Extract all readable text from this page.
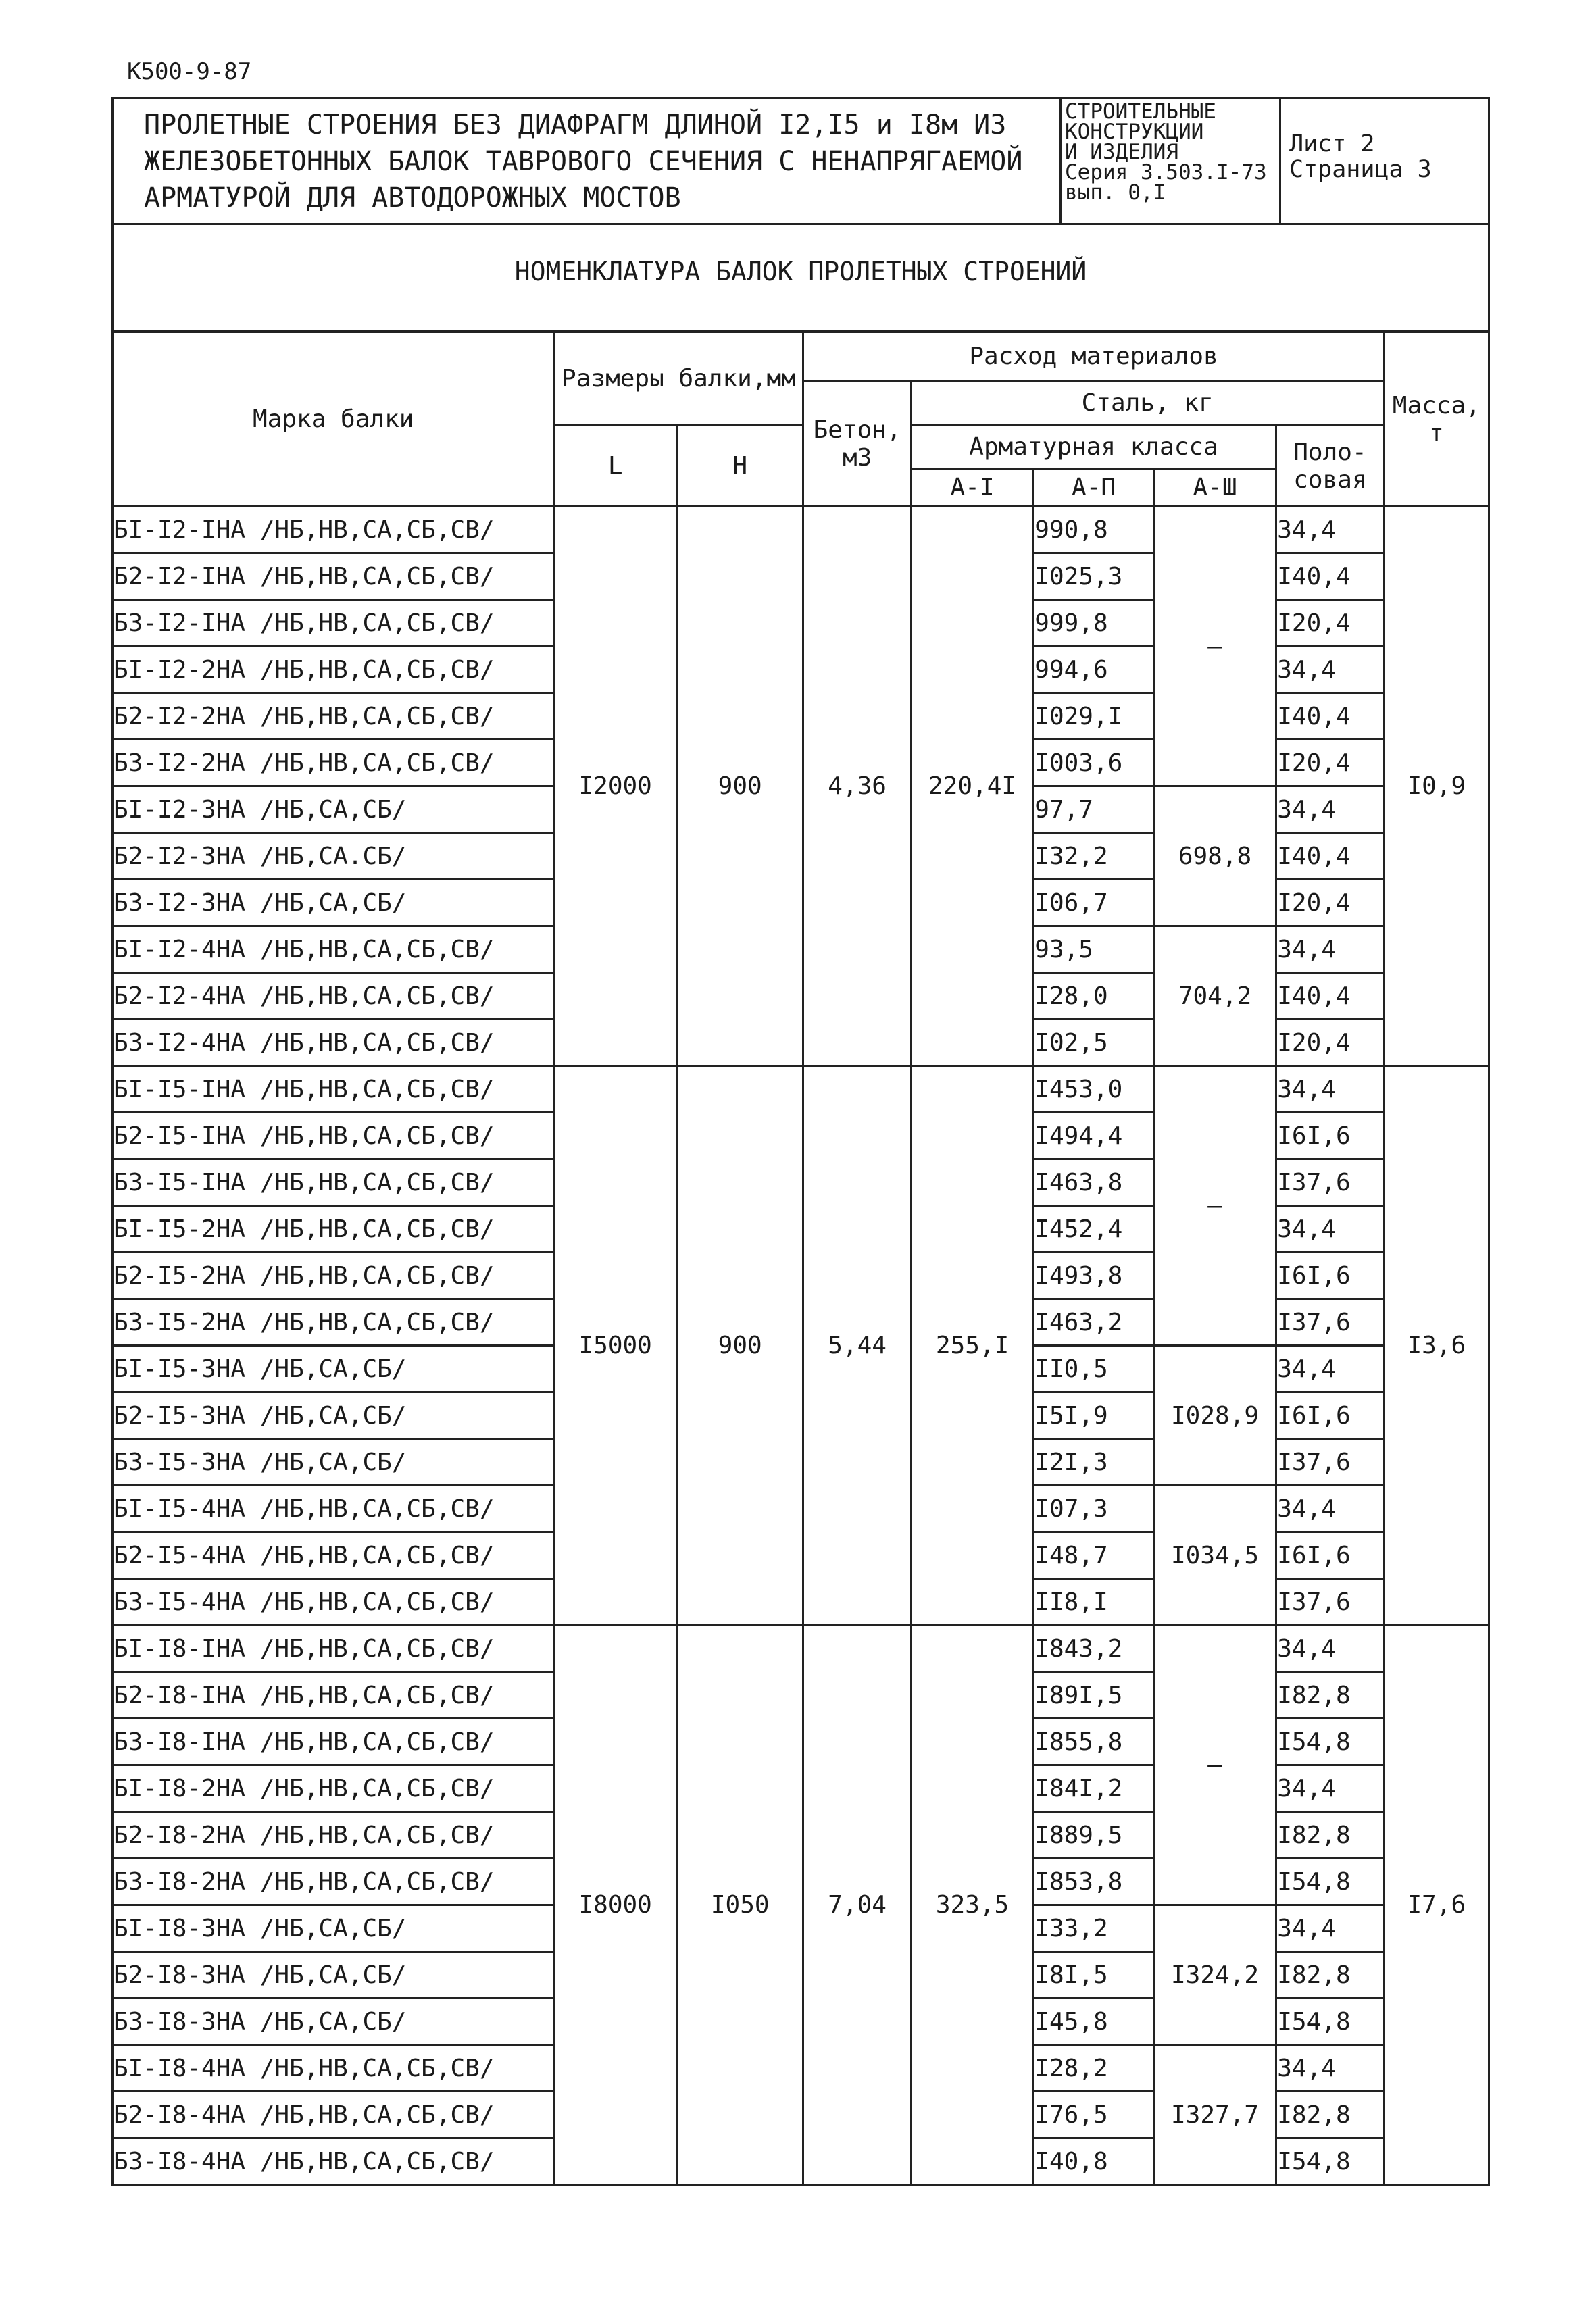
К500-9-87
ПРОЛЕТНЫЕ СТРОЕНИЯ БЕЗ ДИАФРАГМ ДЛИНОЙ I2,I5 и I8м ИЗ ЖЕЛЕЗОБЕТОННЫХ БАЛОК ТАВРОВОГО СЕЧЕНИЯ С НЕНАПРЯГАЕМОЙ АРМАТУРОЙ ДЛЯ АВТОДОРОЖНЫХ МОСТОВ
СТРОИТЕЛЬНЫЕ
КОНСТРУКЦИИ
И ИЗДЕЛИЯ
Серия 3.503.I-73
вып. 0,I
Лист 2
Страница 3
НОМЕНКЛАТУРА БАЛОК ПРОЛЕТНЫХ СТРОЕНИЙ
Марка балки	Размеры балки,мм		Расход материалов					Масса, т
			Бетон, м3	Сталь, кг				
	L	Н		Арматурная класса			Поло-совая	
				А-I	А-П	А-Ш		
БI-I2-IНА /НБ,НВ,СА,СБ,СВ/	I2000	900	4,36	220,4I	990,8	—	34,4	I0,9
Б2-I2-IНА /НБ,НВ,СА,СБ,СВ/					I025,3		I40,4	
Б3-I2-IНА /НБ,НВ,СА,СБ,СВ/					999,8		I20,4	
БI-I2-2НА /НБ,НВ,СА,СБ,СВ/					994,6		34,4	
Б2-I2-2НА /НБ,НВ,СА,СБ,СВ/					I029,I		I40,4	
Б3-I2-2НА /НБ,НВ,СА,СБ,СВ/					I003,6		I20,4	
БI-I2-3НА /НБ,СА,СБ/					97,7	698,8	34,4	
Б2-I2-3НА /НБ,СА.СБ/					I32,2		I40,4	
Б3-I2-3НА /НБ,СА,СБ/					I06,7		I20,4	
БI-I2-4НА /НБ,НВ,СА,СБ,СВ/					93,5	704,2	34,4	
Б2-I2-4НА /НБ,НВ,СА,СБ,СВ/					I28,0		I40,4	
Б3-I2-4НА /НБ,НВ,СА,СБ,СВ/					I02,5		I20,4	
БI-I5-IНА /НБ,НВ,СА,СБ,СВ/	I5000	900	5,44	255,I	I453,0	—	34,4	I3,6
Б2-I5-IНА /НБ,НВ,СА,СБ,СВ/					I494,4		I6I,6	
Б3-I5-IНА /НБ,НВ,СА,СБ,СВ/					I463,8		I37,6	
БI-I5-2НА /НБ,НВ,СА,СБ,СВ/					I452,4		34,4	
Б2-I5-2НА /НБ,НВ,СА,СБ,СВ/					I493,8		I6I,6	
Б3-I5-2НА /НБ,НВ,СА,СБ,СВ/					I463,2		I37,6	
БI-I5-3НА /НБ,СА,СБ/					II0,5	I028,9	34,4	
Б2-I5-3НА /НБ,СА,СБ/					I5I,9		I6I,6	
Б3-I5-3НА /НБ,СА,СБ/					I2I,3		I37,6	
БI-I5-4НА /НБ,НВ,СА,СБ,СВ/					I07,3	I034,5	34,4	
Б2-I5-4НА /НБ,НВ,СА,СБ,СВ/					I48,7		I6I,6	
Б3-I5-4НА /НБ,НВ,СА,СБ,СВ/					II8,I		I37,6	
БI-I8-IНА /НБ,НВ,СА,СБ,СВ/	I8000	I050	7,04	323,5	I843,2	—	34,4	I7,6
Б2-I8-IНА /НБ,НВ,СА,СБ,СВ/					I89I,5		I82,8	
Б3-I8-IНА /НБ,НВ,СА,СБ,СВ/					I855,8		I54,8	
БI-I8-2НА /НБ,НВ,СА,СБ,СВ/					I84I,2		34,4	
Б2-I8-2НА /НБ,НВ,СА,СБ,СВ/					I889,5		I82,8	
Б3-I8-2НА /НБ,НВ,СА,СБ,СВ/					I853,8		I54,8	
БI-I8-3НА /НБ,СА,СБ/					I33,2	I324,2	34,4	
Б2-I8-3НА /НБ,СА,СБ/					I8I,5		I82,8	
Б3-I8-3НА /НБ,СА,СБ/					I45,8		I54,8	
БI-I8-4НА /НБ,НВ,СА,СБ,СВ/					I28,2	I327,7	34,4	
Б2-I8-4НА /НБ,НВ,СА,СБ,СВ/					I76,5		I82,8	
Б3-I8-4НА /НБ,НВ,СА,СБ,СВ/					I40,8		I54,8	
